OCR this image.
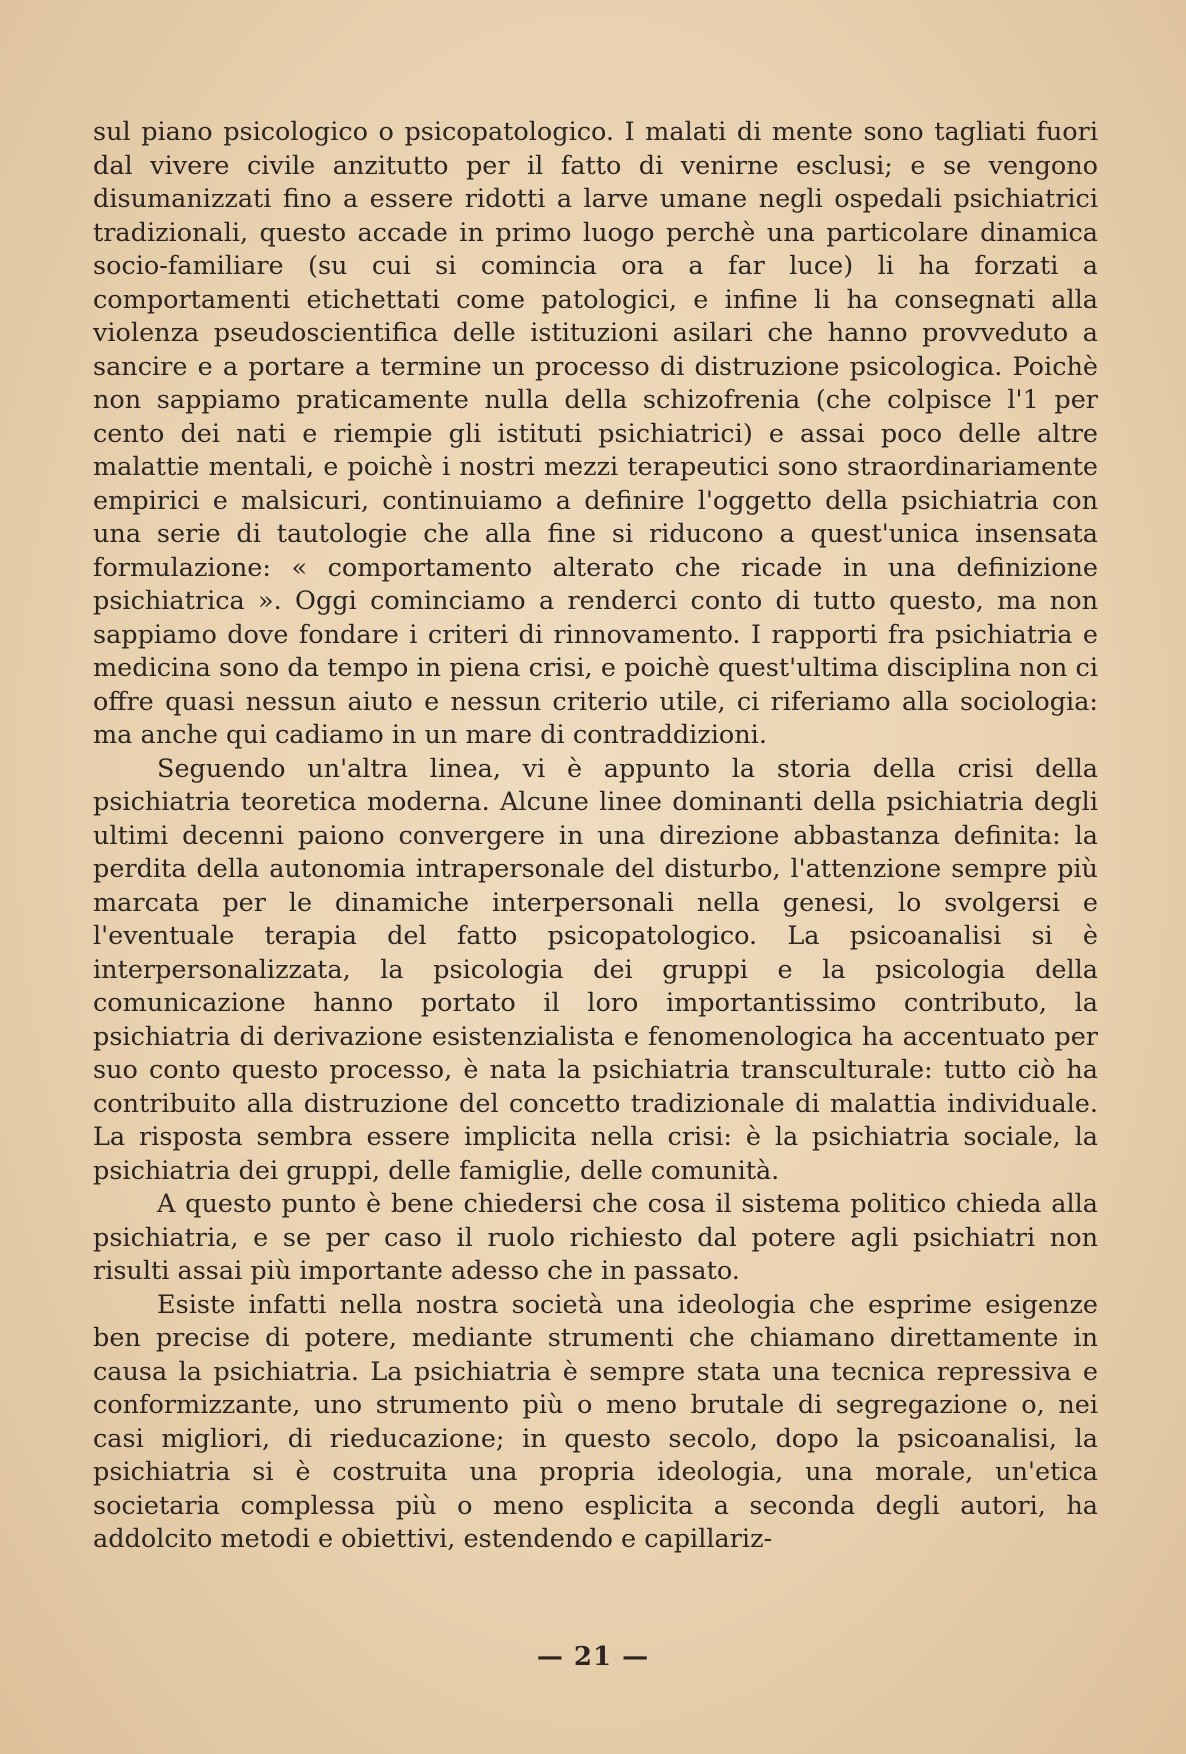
sul piano psicologico o psicopatologico. I malati di mente sono tagliati fuori dal vivere civile anzitutto per il fatto di venirne esclusi; e se vengono disumanizzati fino a essere ridotti a larve umane negli ospedali psichiatrici tradizionali, questo accade in primo luogo perchè una particolare dinamica socio-familiare (su cui si comincia ora a far luce) li ha forzati a comportamenti etichettati come patologici, e infine li ha consegnati alla violenza pseudoscientifica delle istituzioni asilari che hanno provveduto a sancire e a portare a termine un processo di distruzione psicologica. Poichè non sappiamo praticamente nulla della schizofrenia (che colpisce l'1 per cento dei nati e riempie gli istituti psichiatrici) e assai poco delle altre malattie mentali, e poichè i nostri mezzi terapeutici sono straordinariamente empirici e malsicuri, continuiamo a definire l'oggetto della psichiatria con una serie di tautologie che alla fine si riducono a quest'unica insensata formulazione: « comportamento alterato che ricade in una definizione psichiatrica ». Oggi cominciamo a renderci conto di tutto questo, ma non sappiamo dove fondare i criteri di rinnovamento. I rapporti fra psichiatria e medicina sono da tempo in piena crisi, e poichè quest'ultima disciplina non ci offre quasi nessun aiuto e nessun criterio utile, ci riferiamo alla sociologia: ma anche qui cadiamo in un mare di contraddizioni.

Seguendo un'altra linea, vi è appunto la storia della crisi della psichiatria teoretica moderna. Alcune linee dominanti della psichiatria degli ultimi decenni paiono convergere in una direzione abbastanza definita: la perdita della autonomia intrapersonale del disturbo, l'attenzione sempre più marcata per le dinamiche interpersonali nella genesi, lo svolgersi e l'eventuale terapia del fatto psicopatologico. La psicoanalisi si è interpersonalizzata, la psicologia dei gruppi e la psicologia della comunicazione hanno portato il loro importantissimo contributo, la psichiatria di derivazione esistenzialista e fenomenologica ha accentuato per suo conto questo processo, è nata la psichiatria transculturale: tutto ciò ha contribuito alla distruzione del concetto tradizionale di malattia individuale. La risposta sembra essere implicita nella crisi: è la psichiatria sociale, la psichiatria dei gruppi, delle famiglie, delle comunità.

A questo punto è bene chiedersi che cosa il sistema politico chieda alla psichiatria, e se per caso il ruolo richiesto dal potere agli psichiatri non risulti assai più importante adesso che in passato.

Esiste infatti nella nostra società una ideologia che esprime esigenze ben precise di potere, mediante strumenti che chiamano direttamente in causa la psichiatria. La psichiatria è sempre stata una tecnica repressiva e conformizzante, uno strumento più o meno brutale di segregazione o, nei casi migliori, di rieducazione; in questo secolo, dopo la psicoanalisi, la psichiatria si è costruita una propria ideologia, una morale, un'etica societaria complessa più o meno esplicita a seconda degli autori, ha addolcito metodi e obiettivi, estendendo e capillariz-

— 21 —
